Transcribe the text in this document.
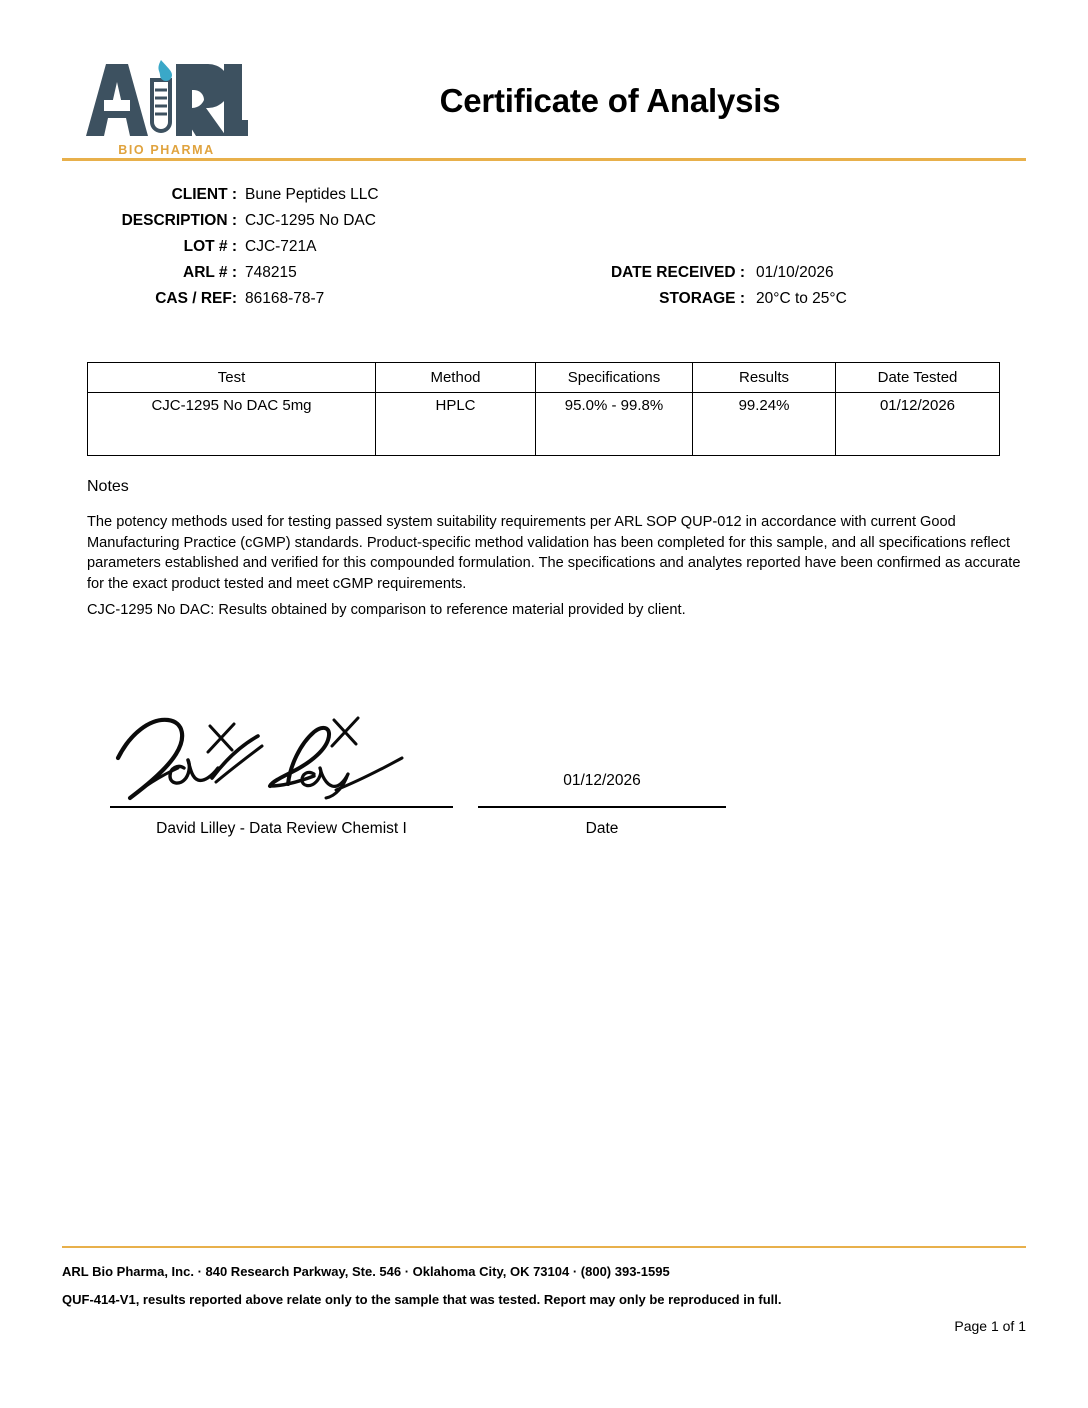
BIO PHARMA
Certificate of Analysis
CLIENT : Bune Peptides LLC
DESCRIPTION : CJC-1295 No DAC
LOT # : CJC-721A
ARL # : 748215	DATE RECEIVED : 01/10/2026
CAS / REF: 86168-78-7	STORAGE : 20°C to 25°C
Test	Method	Specifications	Results	Date Tested
CJC-1295 No DAC 5mg	HPLC	95.0% - 99.8%	99.24%	01/12/2026
Notes
The potency methods used for testing passed system suitability requirements per ARL SOP QUP-012 in accordance with current Good Manufacturing Practice (cGMP) standards. Product-specific method validation has been completed for this sample, and all specifications reflect parameters established and verified for this compounded formulation. The specifications and analytes reported have been confirmed as accurate for the exact product tested and meet cGMP requirements.
CJC-1295 No DAC: Results obtained by comparison to reference material provided by client.
David Lilley - Data Review Chemist I
01/12/2026
Date
ARL Bio Pharma, Inc. · 840 Research Parkway, Ste. 546 · Oklahoma City, OK 73104 · (800) 393-1595
QUF-414-V1, results reported above relate only to the sample that was tested. Report may only be reproduced in full.
Page 1 of 1
